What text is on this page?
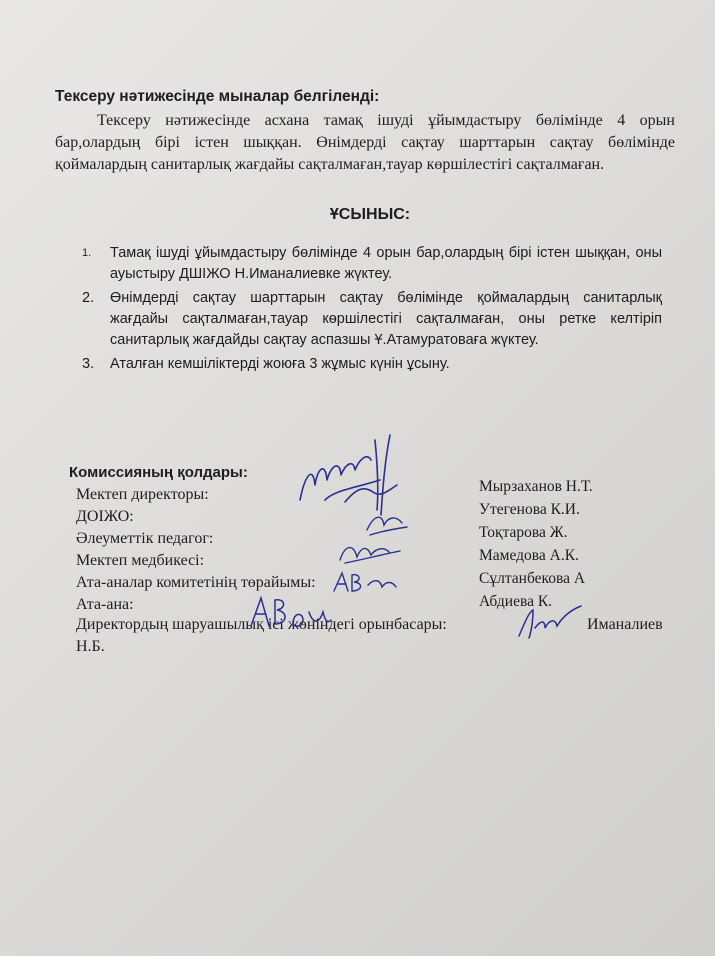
Тексеру нәтижесінде мыналар белгіленді:
Тексеру нәтижесінде асхана тамақ ішуді ұйымдастыру бөлімінде 4 орын бар,олардың бірі істен шыққан. Өнімдерді сақтау шарттарын сақтау бөлімінде қоймалардың санитарлық жағдайы сақталмаған,тауар көршілестігі сақталмаған.
ҰСЫНЫС:
1. Тамақ ішуді ұйымдастыру бөлімінде 4 орын бар,олардың бірі істен шыққан, оны ауыстыру ДШІЖО Н.Иманалиевке жүктеу.
2. Өнімдерді сақтау шарттарын сақтау бөлімінде қоймалардың санитарлық жағдайы сақталмаған,тауар көршілестігі сақталмаған, оны ретке келтіріп санитарлық жағдайды сақтау аспазшы Ұ.Атамуратоваға жүктеу.
3. Аталған кемшіліктерді жоюға 3 жұмыс күнін ұсыну.
Комиссияның қолдары:
Мектеп директоры:	Мырзаханов Н.Т.
ДОІЖО:	Утегенова К.И.
Әлеуметтік педагог:	Тоқтарова Ж.
Мектеп медбикесі:	Мамедова А.К.
Ата-аналар комитетінің төрайымы:	Сұлтанбекова А
Ата-ана:	Абдиева К.
Директордың шаруашылық ісі жөніндегі орынбасары:	Иманалиев
Н.Б.
